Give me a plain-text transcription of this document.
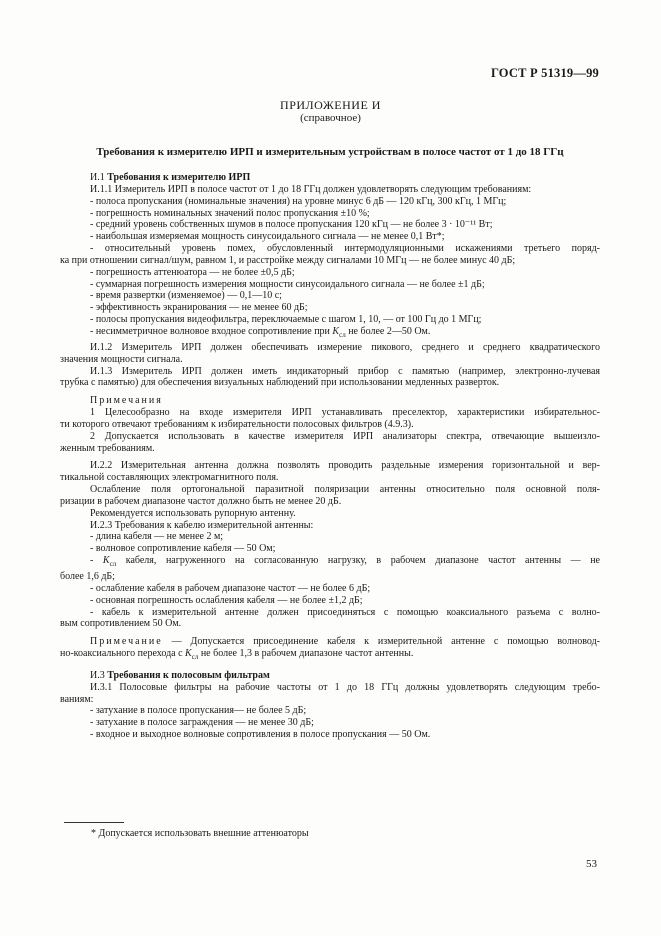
ГОСТ Р 51319—99
ПРИЛОЖЕНИЕ И
(справочное)
Требования к измерителю ИРП и измерительным устройствам в полосе частот от 1 до 18 ГГц

И.1 Требования к измерителю ИРП

И.1.1 Измеритель ИРП в полосе частот от 1 до 18 ГГц должен удовлетворять следующим требованиям:

- полоса пропускания (номинальные значения) на уровне минус 6 дБ — 120 кГц, 300 кГц, 1 МГц;

- погрешность номинальных значений полос пропускания ±10 %;

- средний уровень собственных шумов в полосе пропускания 120 кГц — не более 3 · 10⁻¹¹ Вт;

- наибольшая измеряемая мощность синусоидального сигнала — не менее 0,1 Вт*;

- относительный уровень помех, обусловленный интермодуляционными искажениями третьего поряд-

ка при отношении сигнал/шум, равном 1, и расстройке между сигналами 10 МГц — не более минус 40 дБ;

- погрешность аттенюатора — не более ±0,5 дБ;

- суммарная погрешность измерения мощности синусоидального сигнала — не более ±1 дБ;

- время развертки (изменяемое) — 0,1—10 с;

- эффективность экранирования — не менее 60 дБ;

- полосы пропускания видеофильтра, переключаемые с шагом 1, 10, — от 100 Гц до 1 МГц;

- несимметричное волновое входное сопротивление при $K_{сл}$ не более 2—50 Ом.

И.1.2 Измеритель ИРП должен обеспечивать измерение пикового, среднего и среднего квадратического

значения мощности сигнала.

И.1.3 Измеритель ИРП должен иметь индикаторный прибор с памятью (например, электронно-лучевая

трубка с памятью) для обеспечения визуальных наблюдений при использовании медленных разверток.

Примечания

1 Целесообразно на входе измерителя ИРП устанавливать преселектор, характеристики избирательнос-

ти которого отвечают требованиям к избирательности полосовых фильтров (4.9.3).

2 Допускается использовать в качестве измерителя ИРП анализаторы спектра, отвечающие вышеизло-

женным требованиям.

И.2.2 Измерительная антенна должна позволять проводить раздельные измерения горизонтальной и вер-

тикальной составляющих электромагнитного поля.

Ослабление поля ортогональной паразитной поляризации антенны относительно поля основной поля-

ризации в рабочем диапазоне частот должно быть не менее 20 дБ.

Рекомендуется использовать рупорную антенну.

И.2.3 Требования к кабелю измерительной антенны:

- длина кабеля — не менее 2 м;

- волновое сопротивление кабеля — 50 Ом;

- $K_{сл}$ кабеля, нагруженного на согласованную нагрузку, в рабочем диапазоне частот антенны — не

более 1,6 дБ;

- ослабление кабеля в рабочем диапазоне частот — не более 6 дБ;

- основная погрешность ослабления кабеля — не более ±1,2 дБ;

- кабель к измерительной антенне должен присоединяться с помощью коаксиального разъема с волно-

вым сопротивлением 50 Ом.

Примечание — Допускается присоединение кабеля к измерительной антенне с помощью волновод-

но-коаксиального перехода с $K_{сл}$ не более 1,3 в рабочем диапазоне частот антенны.

И.3 Требования к полосовым фильтрам

И.3.1 Полосовые фильтры на рабочие частоты от 1 до 18 ГГц должны удовлетворять следующим требо-

ваниям:

- затухание в полосе пропускания— не более 5 дБ;

- затухание в полосе заграждения — не менее 30 дБ;

- входное и выходное волновые сопротивления в полосе пропускания — 50 Ом.

* Допускается использовать внешние аттенюаторы
53
